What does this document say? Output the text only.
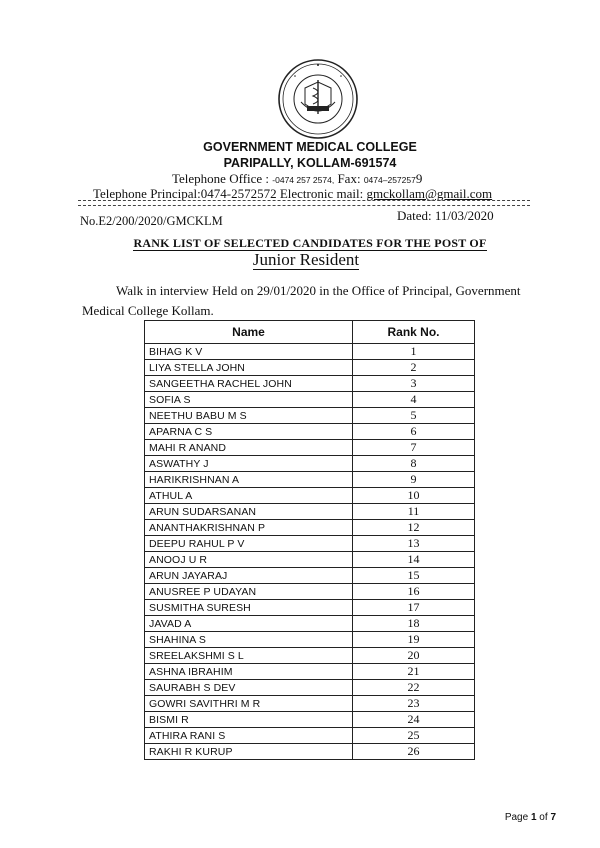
GOVERNMENT MEDICAL COLLEGE
PARIPALLY, KOLLAM-691574
Telephone Office : -0474 257 2574, Fax: 0474–2572579
Telephone Principal:0474-2572572 Electronic mail: gmckollam@gmail.com
No.E2/200/2020/GMCKLM	Dated: 11/03/2020
RANK LIST OF SELECTED CANDIDATES FOR THE POST OF
Junior Resident
Walk in interview Held on 29/01/2020 in the Office of Principal, Government Medical College Kollam.
Name	Rank No.
BIHAG K V	1
LIYA STELLA JOHN	2
SANGEETHA RACHEL JOHN	3
SOFIA S	4
NEETHU BABU M S	5
APARNA C S	6
MAHI R ANAND	7
ASWATHY J	8
HARIKRISHNAN A	9
ATHUL A	10
ARUN SUDARSANAN	11
ANANTHAKRISHNAN P	12
DEEPU RAHUL P V	13
ANOOJ U R	14
ARUN JAYARAJ	15
ANUSREE P UDAYAN	16
SUSMITHA SURESH	17
JAVAD A	18
SHAHINA S	19
SREELAKSHMI S L	20
ASHNA IBRAHIM	21
SAURABH S DEV	22
GOWRI SAVITHRI M R	23
BISMI R	24
ATHIRA RANI S	25
RAKHI R KURUP	26
Page 1 of 7
